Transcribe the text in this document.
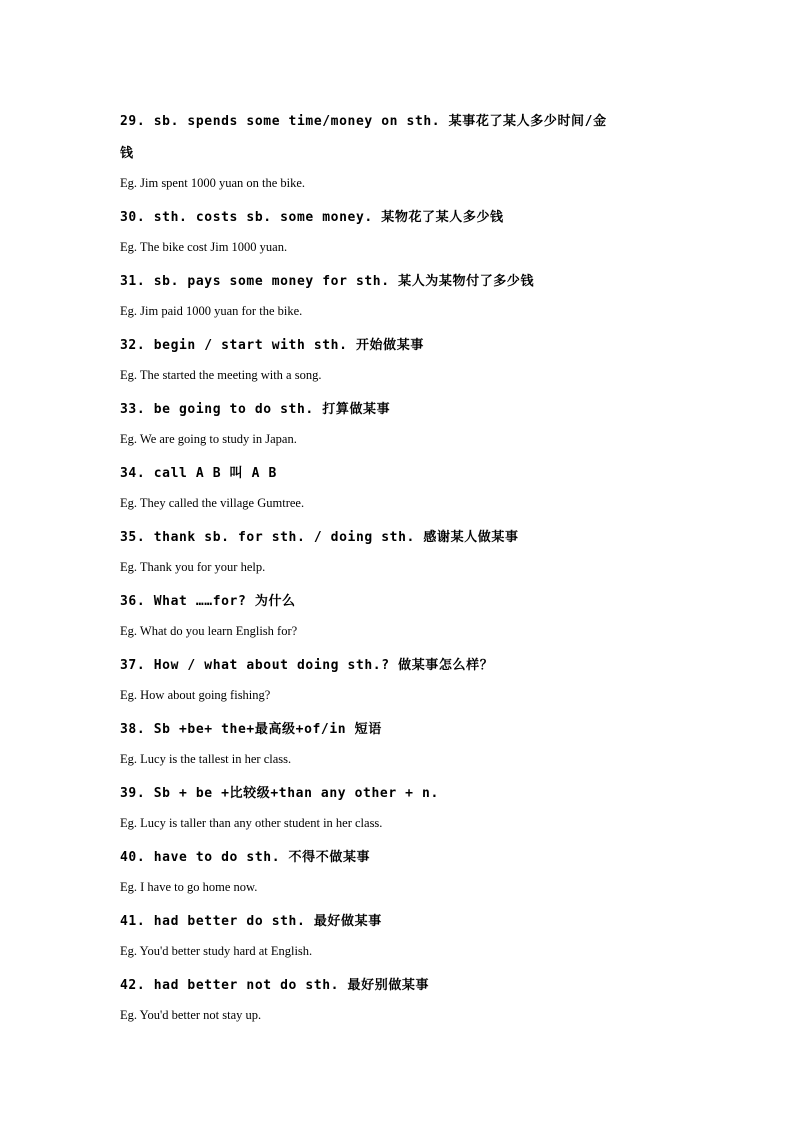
29. sb. spends some time/money on sth. 某事花了某人多少时间/金
钱
Eg. Jim spent 1000 yuan on the bike.
30. sth. costs sb. some money. 某物花了某人多少钱
Eg. The bike cost Jim 1000 yuan.
31. sb. pays some money for sth. 某人为某物付了多少钱
Eg. Jim paid 1000 yuan for the bike.
32. begin / start with sth. 开始做某事
Eg. The started the meeting with a song.
33. be going to do sth. 打算做某事
Eg. We are going to study in Japan.
34. call A B 叫 A B
Eg. They called the village Gumtree.
35. thank sb. for sth. / doing sth. 感谢某人做某事
Eg. Thank you for your help.
36. What ……for? 为什么
Eg. What do you learn English for?
37. How / what about doing sth.? 做某事怎么样？
Eg. How about going fishing?
38. Sb +be+ the+最高级+of/in 短语
Eg. Lucy is the tallest in her class.
39. Sb + be +比较级+than any other + n.
Eg. Lucy is taller than any other student in her class.
40. have to do sth. 不得不做某事
Eg. I have to go home now.
41. had better do sth. 最好做某事
Eg. You'd better study hard at English.
42. had better not do sth. 最好别做某事
Eg. You'd better not stay up.
